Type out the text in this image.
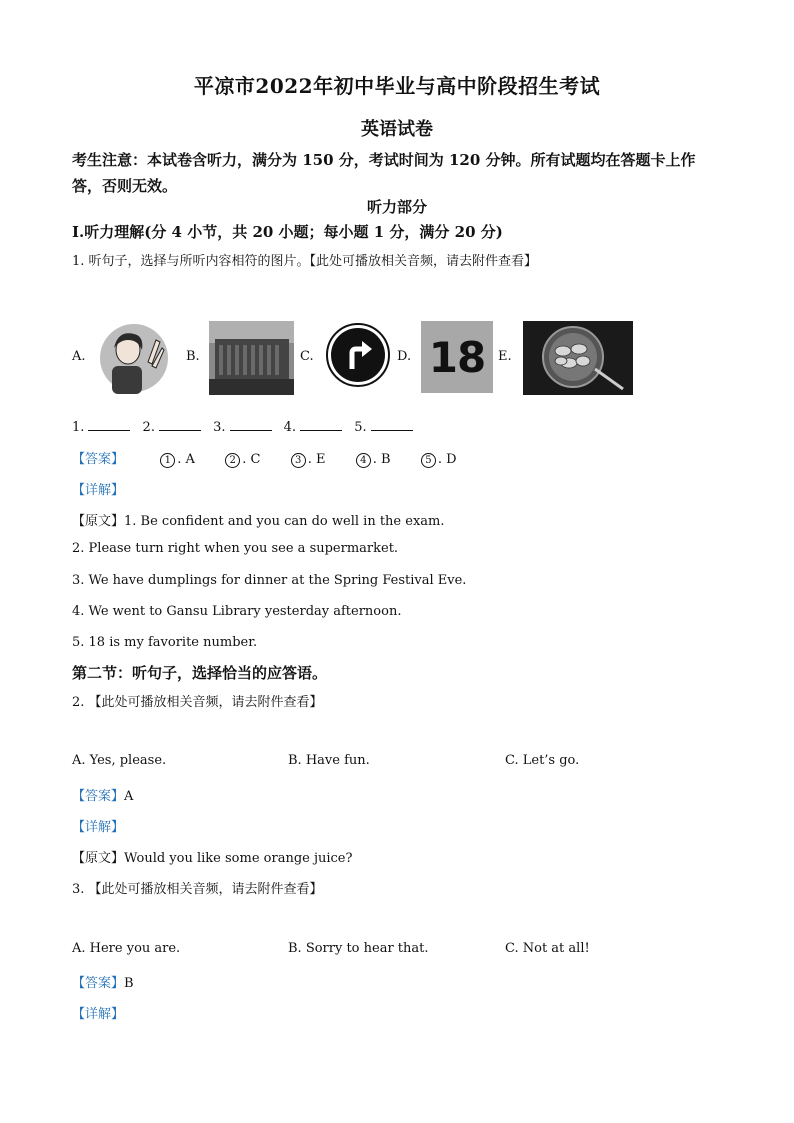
平凉市2022年初中毕业与高中阶段招生考试
英语试卷
考生注意：本试卷含听力，满分为 150 分，考试时间为 120 分钟。所有试题均在答题卡上作答，否则无效。
听力部分
I.听力理解(分 4 小节，共 20 小题；每小题 1 分，满分 20 分)
1. 听句子，选择与所听内容相符的图片。【此处可播放相关音频，请去附件查看】
A.	B.	C.	D. 18 E.
1.	2.	3.	4.	5.
【答案】	1 . A	2 . C	3 . E	4 . B	5 . D
【详解】
【原文】1. Be confident and you can do well in the exam.
2. Please turn right when you see a supermarket.
3. We have dumplings for dinner at the Spring Festival Eve.
4. We went to Gansu Library yesterday afternoon.
5. 18 is my favorite number.
第二节：听句子，选择恰当的应答语。
2. 【此处可播放相关音频，请去附件查看】
A. Yes, please.	B. Have fun.	C. Let’s go.
【答案】A
【详解】
【原文】Would you like some orange juice?
3. 【此处可播放相关音频，请去附件查看】
A. Here you are.	B. Sorry to hear that.	C. Not at all!
【答案】B
【详解】
